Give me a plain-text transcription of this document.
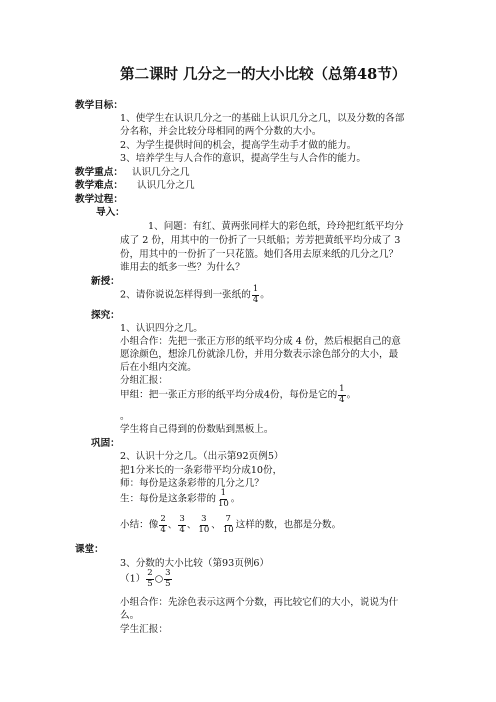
第二课时 几分之一的大小比较（总第48节）
教学目标：
1、使学生在认识几分之一的基础上认识几分之几，以及分数的各部
分名称，并会比较分母相同的两个分数的大小。
2、为学生提供时间的机会，提高学生动手才做的能力。
3、培养学生与人合作的意识，提高学生与人合作的能力。
教学重点： 认识几分之几
教学难点： 认识几分之几
教学过程：
导入：
1、问题：有红、黄两张同样大的彩色纸，玲玲把红纸平均分
成了 2 份，用其中的一份折了一只纸船；芳芳把黄纸平均分成了 3
份，用其中的一份折了一只花篮。她们各用去原来纸的几分之几？
谁用去的纸多一些？为什么？
新授：
2、请你说说怎样得到一张纸的 $\frac{1}{4}$ 。
探究：
1、认识四分之几。
小组合作：先把一张正方形的纸平均分成 4 份，然后根据自己的意
愿涂颜色，想涂几份就涂几份，并用分数表示涂色部分的大小，最
后在小组内交流。
分组汇报：
甲组：把一张正方形的纸平均分成4份，每份是它的 $\frac{1}{4}$ 。
。
学生将自己得到的份数贴到黑板上。
巩固：
2、认识十分之几。（出示第92页例5）
把1分米长的一条彩带平均分成10份，
师：每份是这条彩带的几分之几？
生：每份是这条彩带的 $\frac{1}{10}$ 。
小结：像 $\frac{2}{4}$ 、 $\frac{3}{4}$ 、 $\frac{3}{10}$ 、 $\frac{7}{10}$ 这样的数，也都是分数。
课堂：
3、分数的大小比较（第93页例6）
$(1) \frac{2}{5}$ ○ $\frac{3}{5}$
小组合作：先涂色表示这两个分数，再比较它们的大小，说说为什
么。
学生汇报：
